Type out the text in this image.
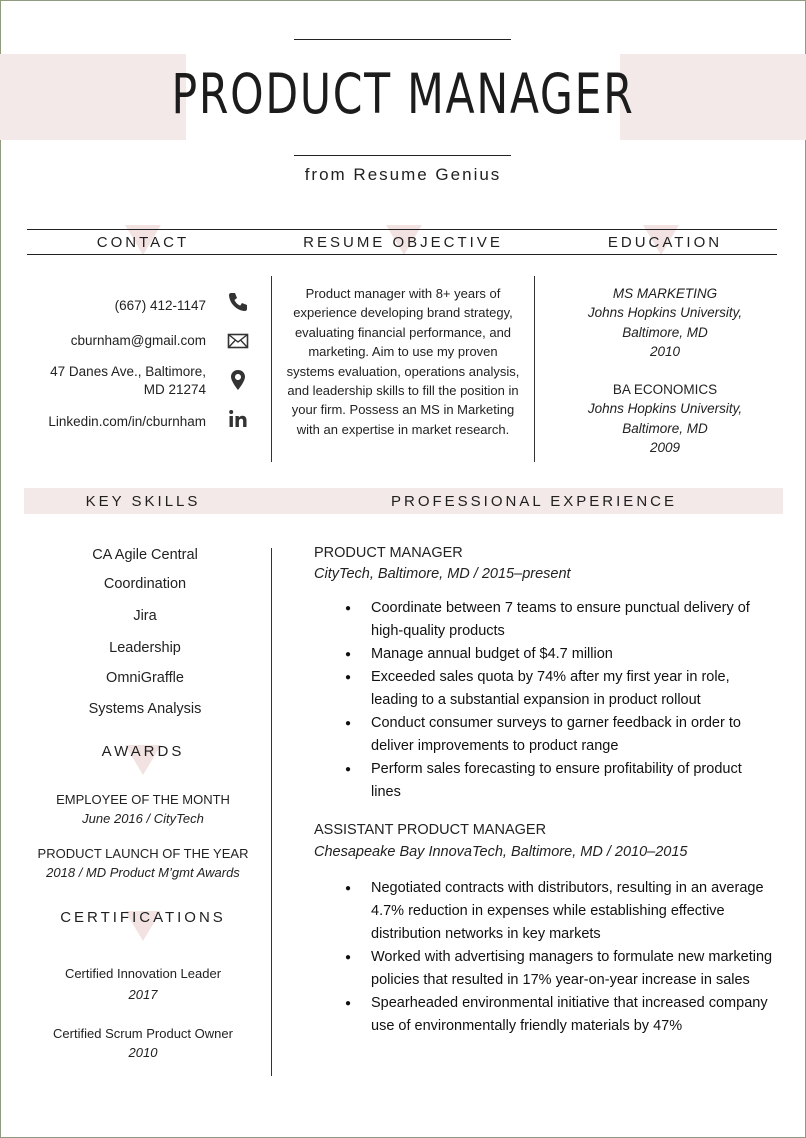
PRODUCT MANAGER
from Resume Genius
CONTACT	RESUME OBJECTIVE	EDUCATION
(667) 412-1147
cburnham@gmail.com
47 Danes Ave., Baltimore,
MD 21274
Linkedin.com/in/cburnham
Product manager with 8+ years of experience developing brand strategy, evaluating financial performance, and marketing. Aim to use my proven systems evaluation, operations analysis, and leadership skills to fill the position in your firm. Possess an MS in Marketing with an expertise in market research.
MS MARKETING
Johns Hopkins University,
Baltimore, MD
2010
BA ECONOMICS
Johns Hopkins University,
Baltimore, MD
2009
KEY SKILLS	PROFESSIONAL EXPERIENCE
CA Agile Central
Coordination
Jira
Leadership
OmniGraffle
Systems Analysis
AWARDS
EMPLOYEE OF THE MONTH
June 2016 / CityTech
PRODUCT LAUNCH OF THE YEAR
2018 / MD Product M’gmt Awards
CERTIFICATIONS
Certified Innovation Leader
2017
Certified Scrum Product Owner
2010
PRODUCT MANAGER
CityTech, Baltimore, MD / 2015–present
● Coordinate between 7 teams to ensure punctual delivery of high-quality products
● Manage annual budget of $4.7 million
● Exceeded sales quota by 74% after my first year in role, leading to a substantial expansion in product rollout
● Conduct consumer surveys to garner feedback in order to deliver improvements to product range
● Perform sales forecasting to ensure profitability of product lines
ASSISTANT PRODUCT MANAGER
Chesapeake Bay InnovaTech, Baltimore, MD / 2010–2015
● Negotiated contracts with distributors, resulting in an average 4.7% reduction in expenses while establishing effective distribution networks in key markets
● Worked with advertising managers to formulate new marketing policies that resulted in 17% year-on-year increase in sales
● Spearheaded environmental initiative that increased company use of environmentally friendly materials by 47%
